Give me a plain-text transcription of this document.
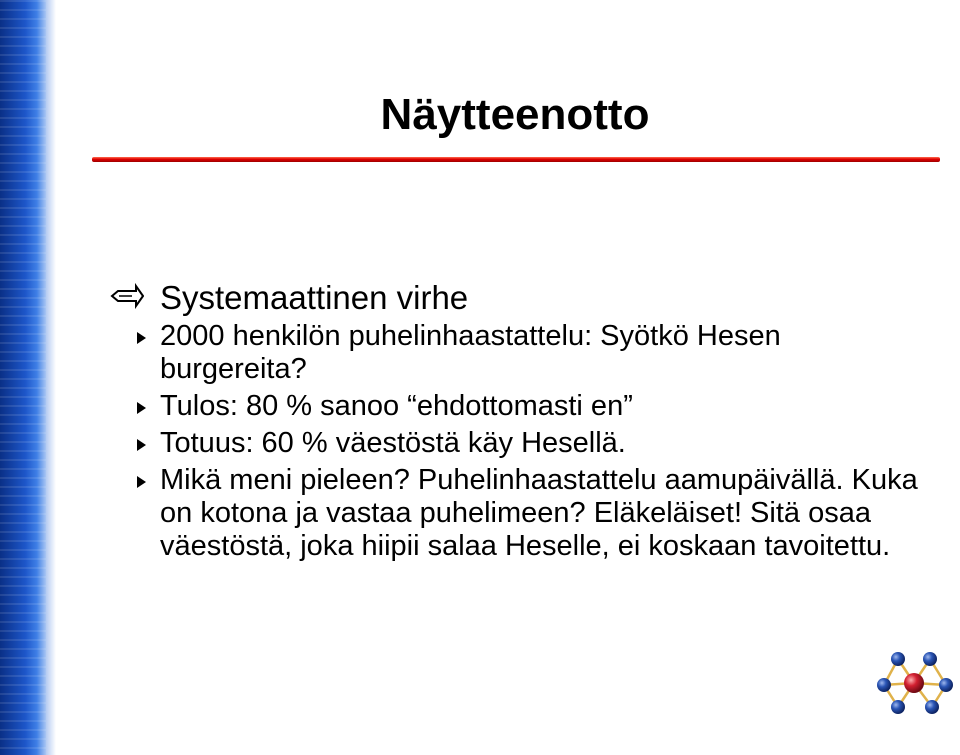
Näytteenotto
Systemaattinen virhe
2000 henkilön puhelinhaastattelu: Syötkö Hesen burgereita?
Tulos: 80 % sanoo “ehdottomasti en”
Totuus: 60 % väestöstä käy Hesellä.
Mikä meni pieleen? Puhelinhaastattelu aamupäivällä. Kuka on kotona ja vastaa puhelimeen? Eläkeläiset! Sitä osaa väestöstä, joka hiipii salaa Heselle, ei koskaan tavoitettu.
